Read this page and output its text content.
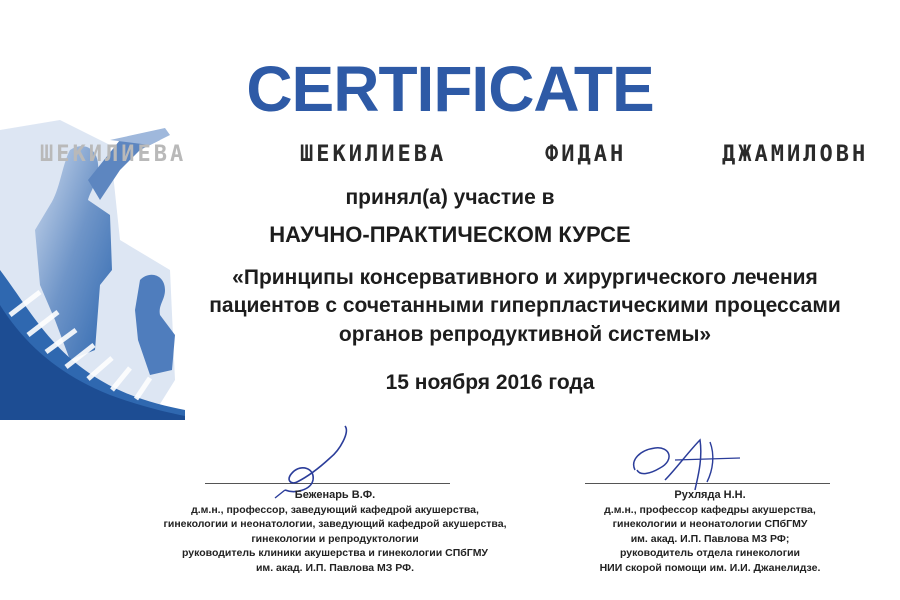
CERTIFICATE
ШЕКИЛИЕВА	ШЕКИЛИЕВА	ФИДАН	ДЖАМИЛОВН
принял(а) участие в
НАУЧНО-ПРАКТИЧЕСКОМ КУРСЕ
«Принципы консервативного и хирургического лечения
пациентов с сочетанными гиперпластическими процессами
органов репродуктивной системы»
15 ноября 2016 года
Беженарь В.Ф.
д.м.н., профессор, заведующий кафедрой акушерства,
гинекологии и неонатологии, заведующий кафедрой акушерства,
гинекологии и репродуктологии
руководитель клиники акушерства и гинекологии СПбГМУ
им. акад. И.П. Павлова МЗ РФ.
Рухляда Н.Н.
д.м.н., профессор кафедры акушерства,
гинекологии и неонатологии СПбГМУ
им. акад. И.П. Павлова МЗ РФ;
руководитель отдела гинекологии
НИИ скорой помощи им. И.И. Джанелидзе.
